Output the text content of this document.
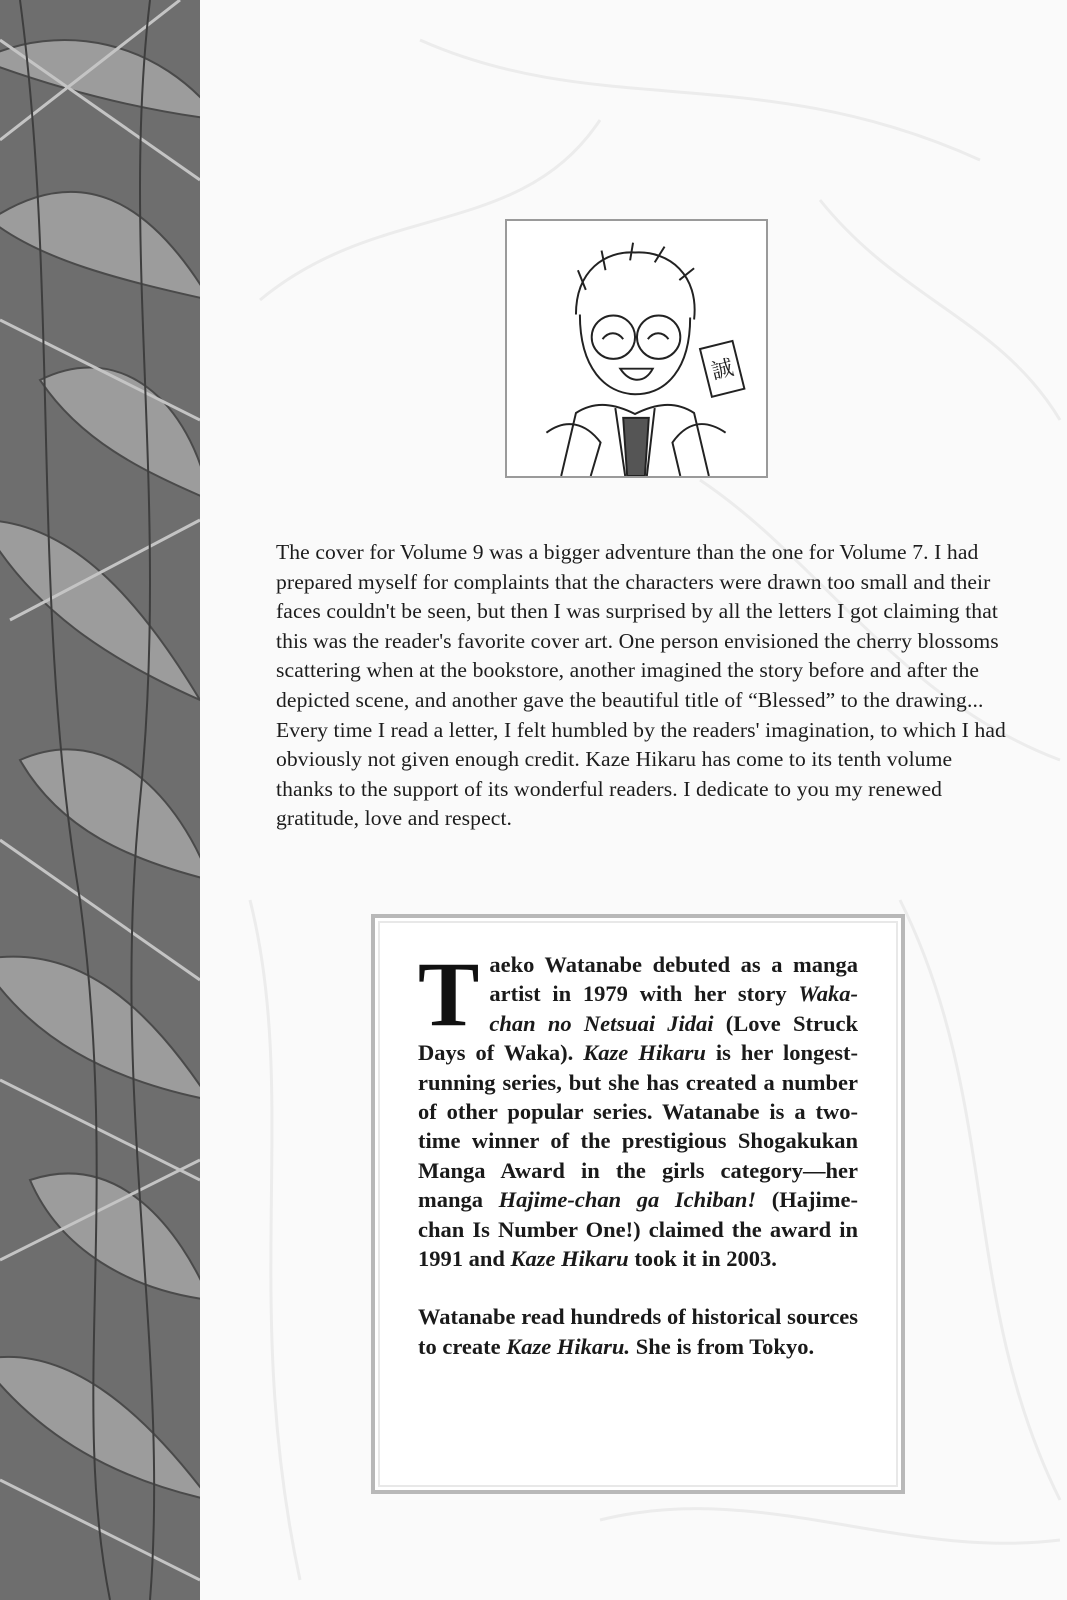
誠

The cover for Volume 9 was a bigger adventure than the one for Volume 7. I had prepared myself for complaints that the characters were drawn too small and their faces couldn't be seen, but then I was surprised by all the letters I got claiming that this was the reader's favorite cover art. One person envisioned the cherry blossoms scattering when at the bookstore, another imagined the story before and after the depicted scene, and another gave the beautiful title of “Blessed” to the drawing... Every time I read a letter, I felt humbled by the readers' imagination, to which I had obviously not given enough credit. Kaze Hikaru has come to its tenth volume thanks to the support of its wonderful readers. I dedicate to you my renewed gratitude, love and respect.

Taeko Watanabe debuted as a manga artist in 1979 with her story Waka-chan no Netsuai Jidai (Love Struck Days of Waka). Kaze Hikaru is her longest-running series, but she has created a number of other popular series. Watanabe is a two-time winner of the prestigious Shogakukan Manga Award in the girls category—her manga Hajime-chan ga Ichiban! (Hajime-chan Is Number One!) claimed the award in 1991 and Kaze Hikaru took it in 2003.

Watanabe read hundreds of historical sources to create Kaze Hikaru. She is from Tokyo.
